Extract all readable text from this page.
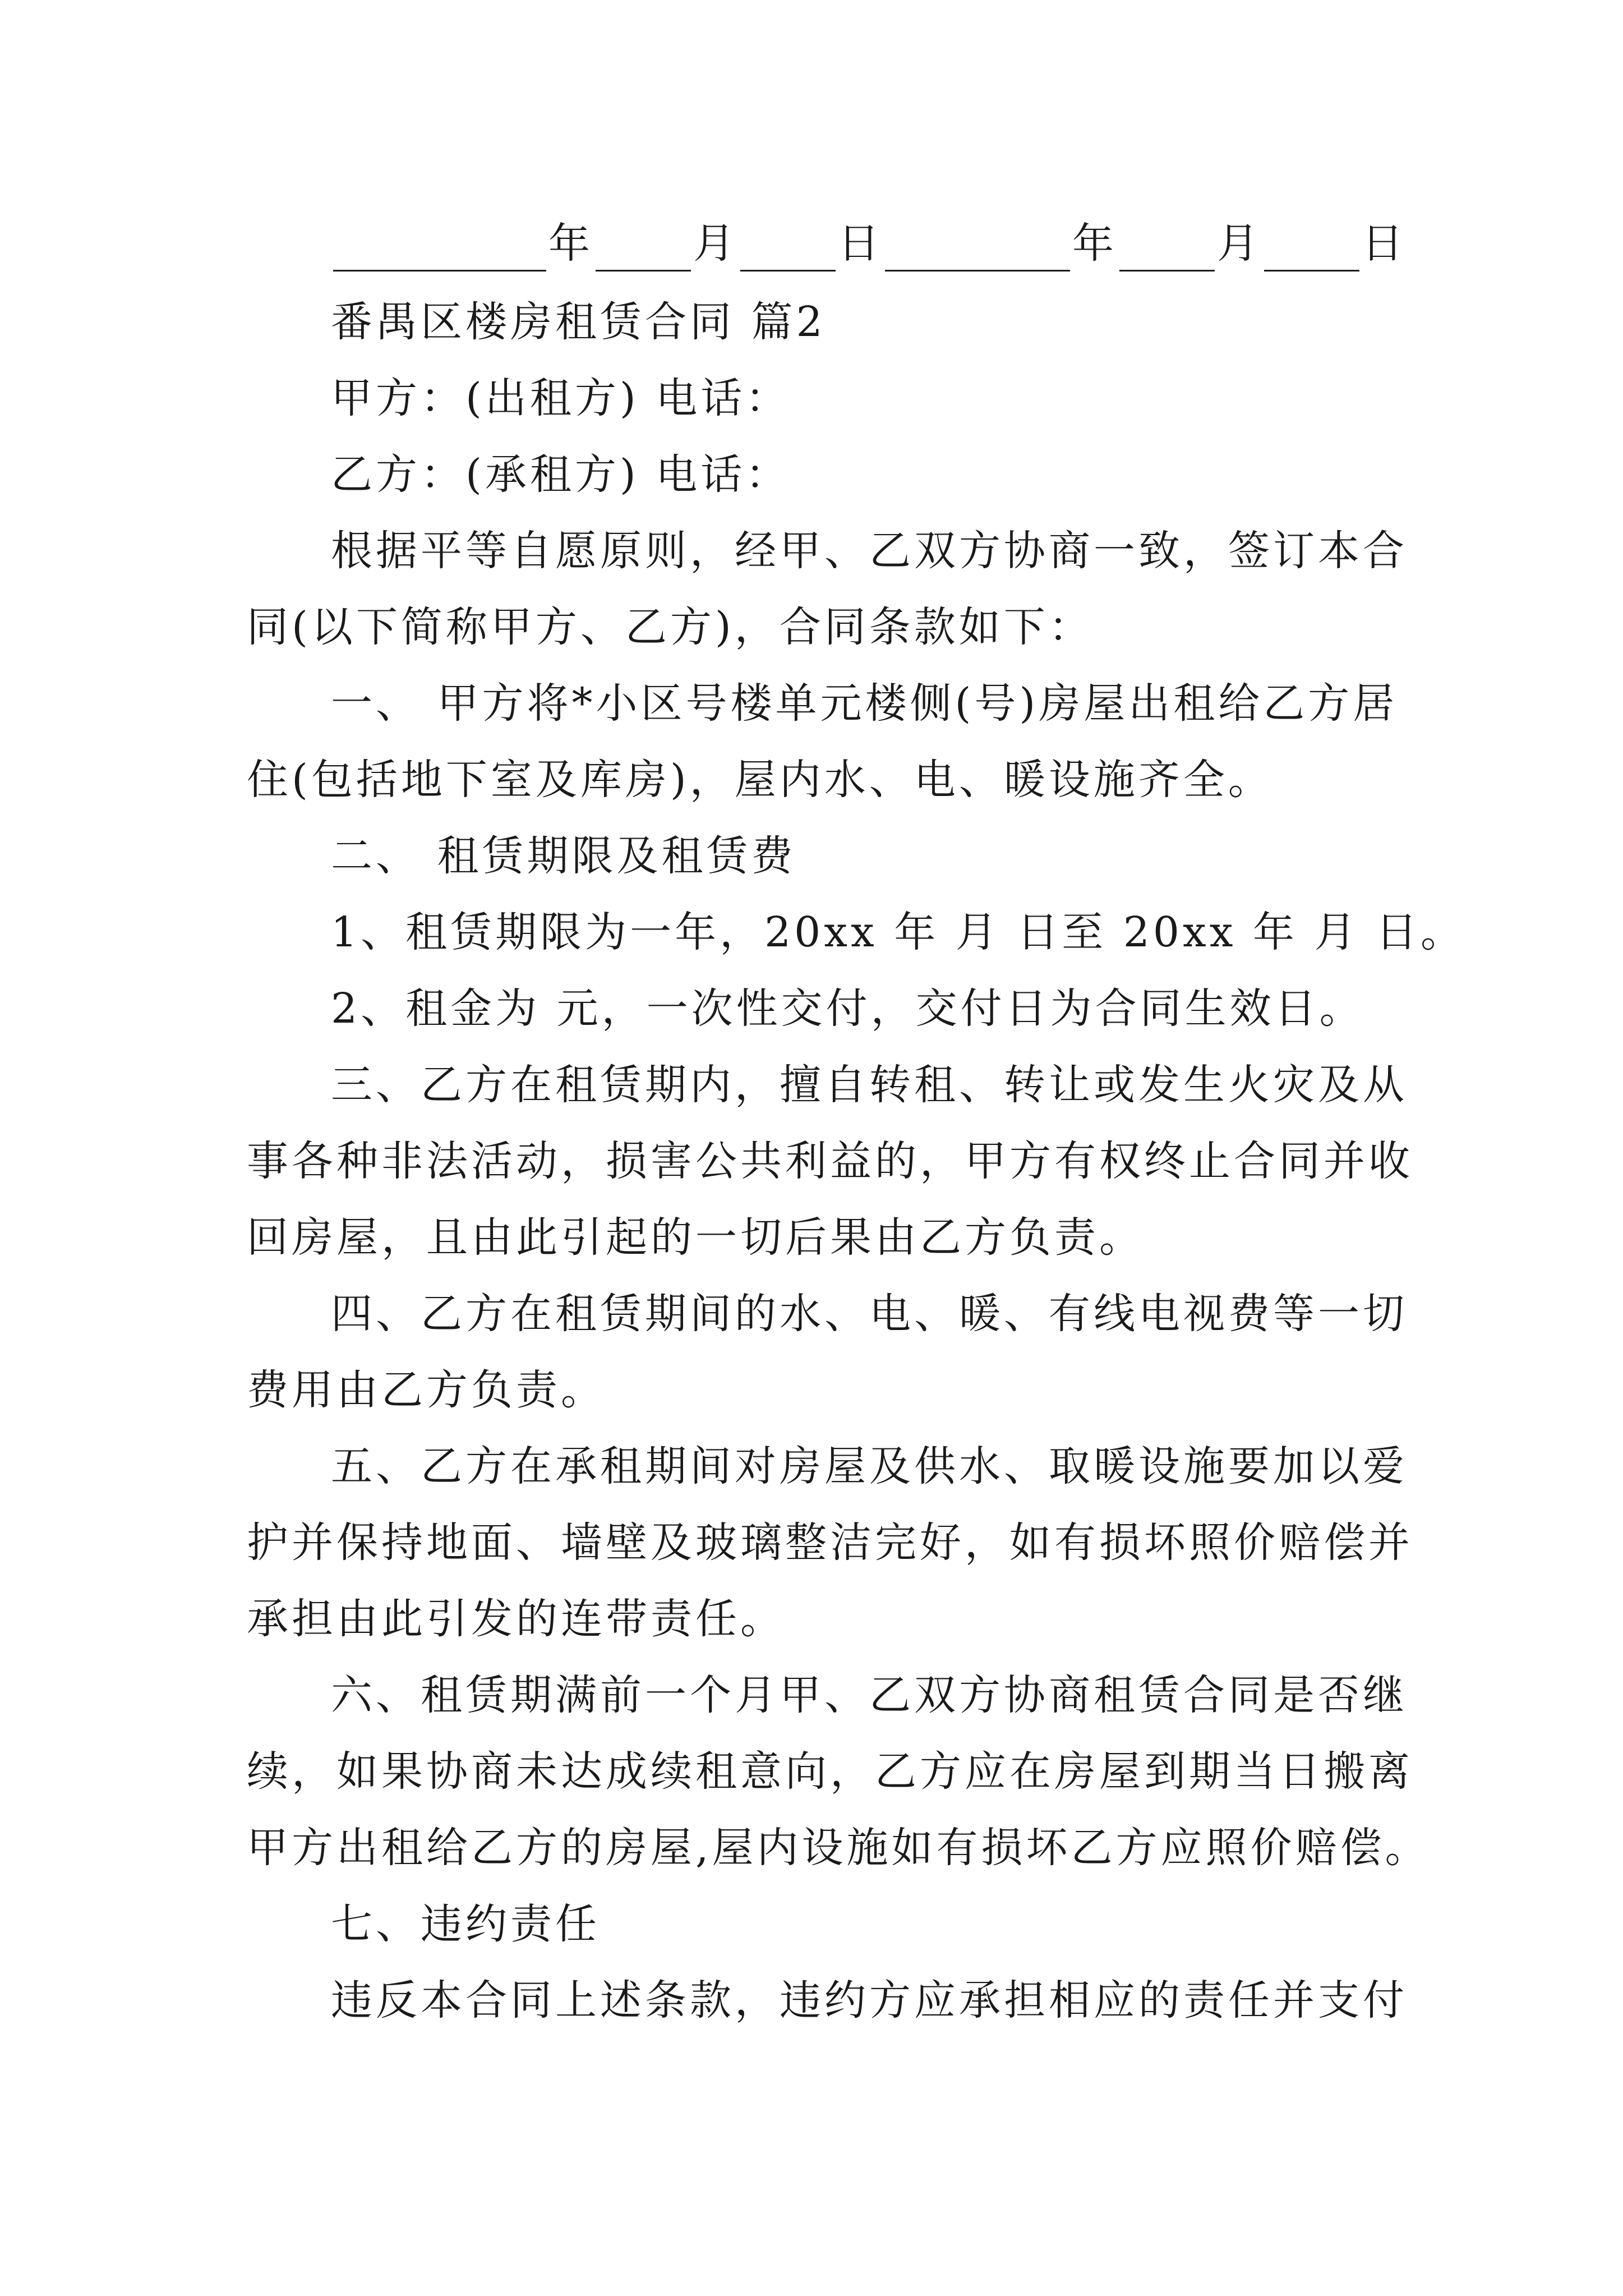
年 月 日	年 月 日
番禺区楼房租赁合同 篇2
甲方：(出租方) 电话：
乙方：(承租方) 电话：
根据平等自愿原则，经甲、乙双方协商一致，签订本合
同(以下简称甲方、乙方)，合同条款如下：
一、 甲方将*小区号楼单元楼侧(号)房屋出租给乙方居
住(包括地下室及库房)，屋内水、电、暖设施齐全。
二、 租赁期限及租赁费
1、租赁期限为一年，20xx 年 月 日至 20xx 年 月 日。
2、租金为 元，一次性交付，交付日为合同生效日。
三、乙方在租赁期内，擅自转租、转让或发生火灾及从
事各种非法活动，损害公共利益的，甲方有权终止合同并收
回房屋，且由此引起的一切后果由乙方负责。
四、乙方在租赁期间的水、电、暖、有线电视费等一切
费用由乙方负责。
五、乙方在承租期间对房屋及供水、取暖设施要加以爱
护并保持地面、墙壁及玻璃整洁完好，如有损坏照价赔偿并
承担由此引发的连带责任。
六、租赁期满前一个月甲、乙双方协商租赁合同是否继
续，如果协商未达成续租意向，乙方应在房屋到期当日搬离
甲方出租给乙方的房屋,屋内设施如有损坏乙方应照价赔偿。
七、违约责任
违反本合同上述条款，违约方应承担相应的责任并支付
